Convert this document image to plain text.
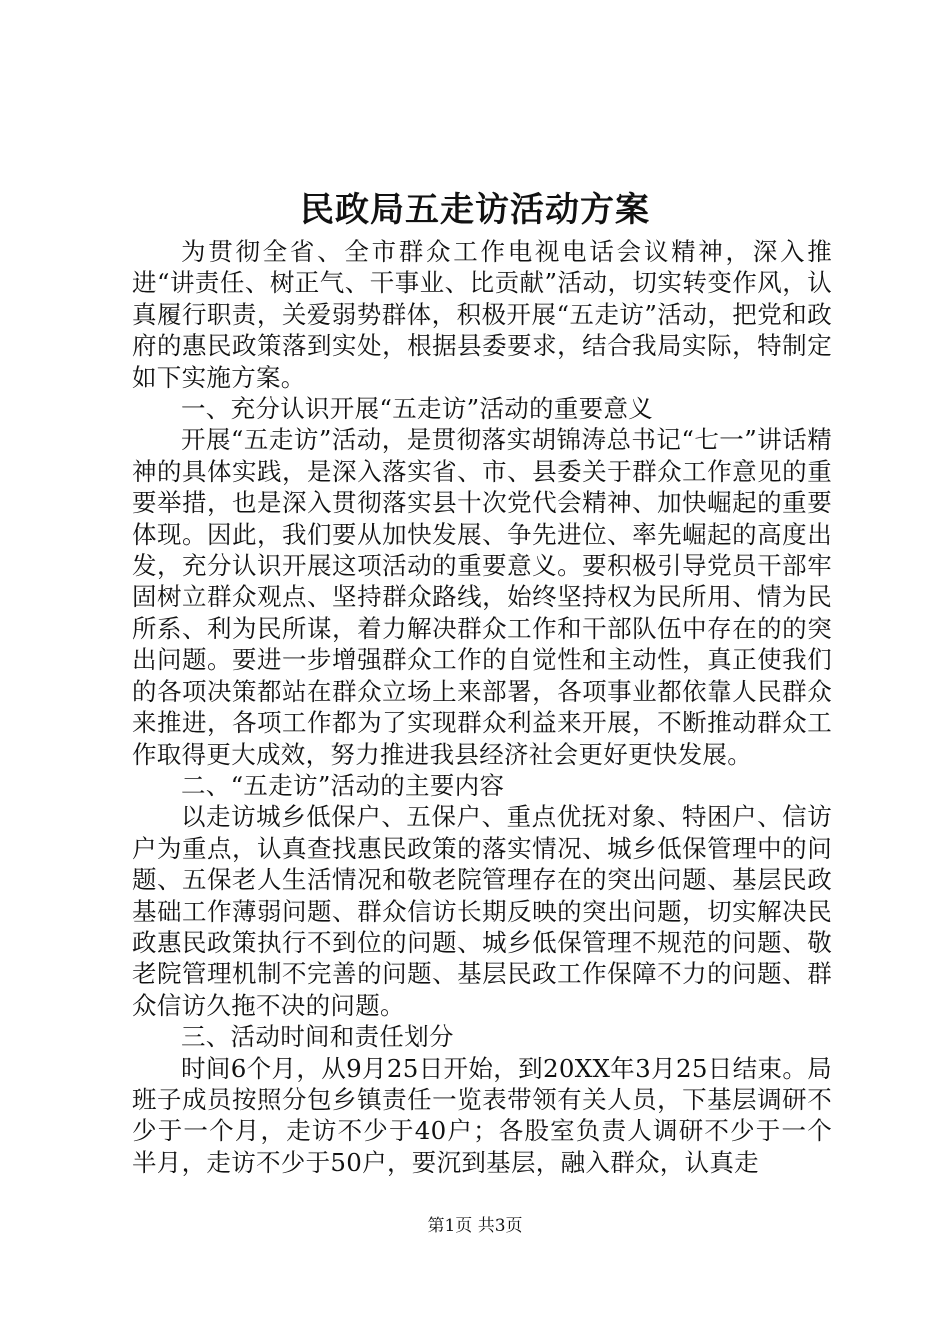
民政局五走访活动方案

为贯彻全省、全市群众工作电视电话会议精神，深入推进“讲责任、树正气、干事业、比贡献”活动，切实转变作风，认真履行职责，关爱弱势群体，积极开展“五走访”活动，把党和政府的惠民政策落到实处，根据县委要求，结合我局实际，特制定如下实施方案。

一、充分认识开展“五走访”活动的重要意义

开展“五走访”活动，是贯彻落实胡锦涛总书记“七一”讲话精神的具体实践，是深入落实省、市、县委关于群众工作意见的重要举措，也是深入贯彻落实县十次党代会精神、加快崛起的重要体现。因此，我们要从加快发展、争先进位、率先崛起的高度出发，充分认识开展这项活动的重要意义。要积极引导党员干部牢固树立群众观点、坚持群众路线，始终坚持权为民所用、情为民所系、利为民所谋，着力解决群众工作和干部队伍中存在的的突出问题。要进一步增强群众工作的自觉性和主动性，真正使我们的各项决策都站在群众立场上来部署，各项事业都依靠人民群众来推进，各项工作都为了实现群众利益来开展，不断推动群众工作取得更大成效，努力推进我县经济社会更好更快发展。

二、“五走访”活动的主要内容

以走访城乡低保户、五保户、重点优抚对象、特困户、信访户为重点，认真查找惠民政策的落实情况、城乡低保管理中的问题、五保老人生活情况和敬老院管理存在的突出问题、基层民政基础工作薄弱问题、群众信访长期反映的突出问题，切实解决民政惠民政策执行不到位的问题、城乡低保管理不规范的问题、敬老院管理机制不完善的问题、基层民政工作保障不力的问题、群众信访久拖不决的问题。

三、活动时间和责任划分

时间6个月，从9月25日开始，到20XX年3月25日结束。局班子成员按照分包乡镇责任一览表带领有关人员，下基层调研不少于一个月，走访不少于40户；各股室负责人调研不少于一个半月，走访不少于50户，要沉到基层，融入群众，认真走

第1页 共3页
